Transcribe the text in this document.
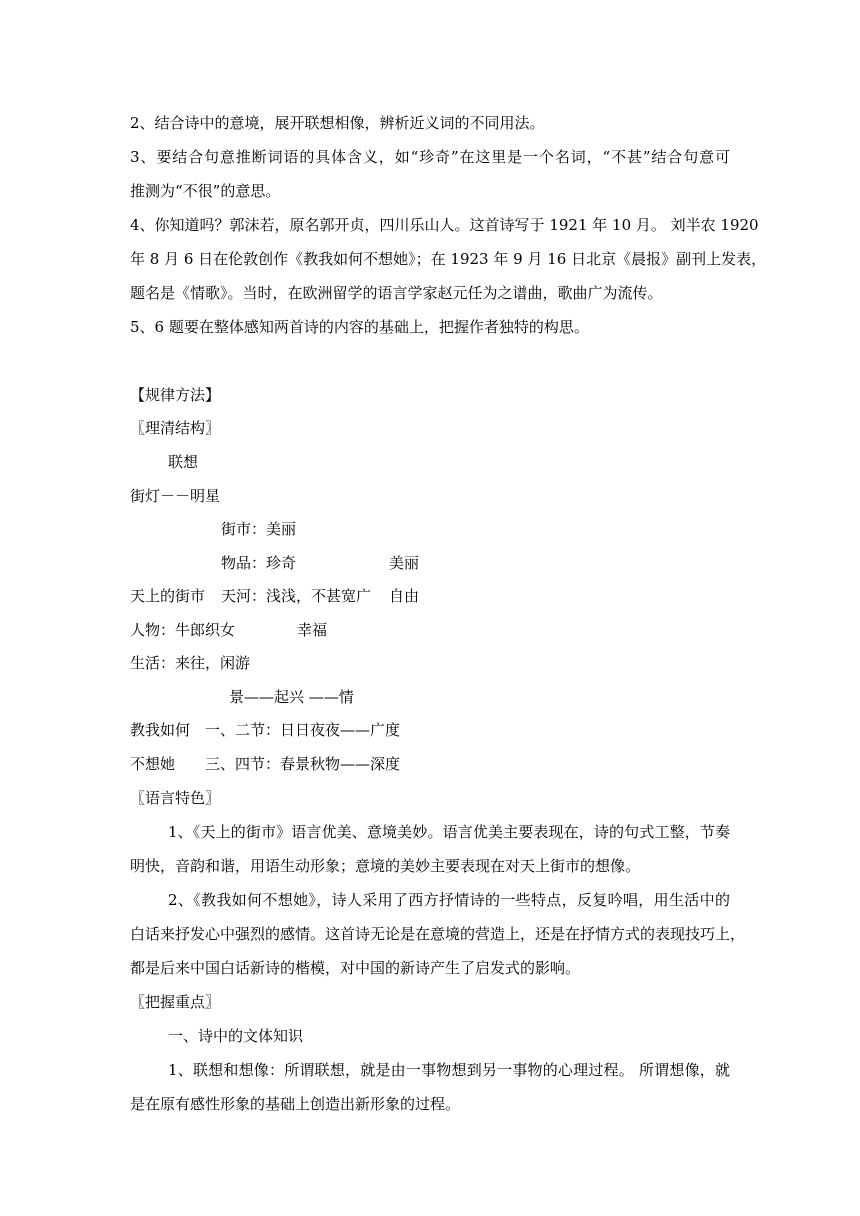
2、结合诗中的意境，展开联想相像，辨析近义词的不同用法。
3、要结合句意推断词语的具体含义，如“珍奇”在这里是一个名词，“不甚”结合句意可
推测为“不很”的意思。
4、你知道吗？郭沫若，原名郭开贞，四川乐山人。这首诗写于 1921 年 10 月。 刘半农 1920
年 8 月 6 日在伦敦创作《教我如何不想她》；在 1923 年 9 月 16 日北京《晨报》副刊上发表，
题名是《情歌》。当时，在欧洲留学的语言学家赵元任为之谱曲，歌曲广为流传。
5、6 题要在整体感知两首诗的内容的基础上，把握作者独特的构思。
【规律方法】
〖理清结构〗
联想
街灯－－明星
街市：美丽
物品：珍奇	美丽
天上的街市 天河：浅浅，不甚宽广 自由
人物：牛郎织女	幸福
生活：来往，闲游
景——起兴 ——情
教我如何 一、二节：日日夜夜——广度
不想她 三、四节：春景秋物——深度
〖语言特色〗
1、《天上的街市》语言优美、意境美妙。语言优美主要表现在，诗的句式工整，节奏
明快，音韵和谐，用语生动形象；意境的美妙主要表现在对天上街市的想像。
2、《教我如何不想她》，诗人采用了西方抒情诗的一些特点，反复吟唱，用生活中的
白话来抒发心中强烈的感情。这首诗无论是在意境的营造上，还是在抒情方式的表现技巧上，
都是后来中国白话新诗的楷模，对中国的新诗产生了启发式的影响。
〖把握重点〗
一、诗中的文体知识
1、联想和想像：所谓联想，就是由一事物想到另一事物的心理过程。 所谓想像，就
是在原有感性形象的基础上创造出新形象的过程。
